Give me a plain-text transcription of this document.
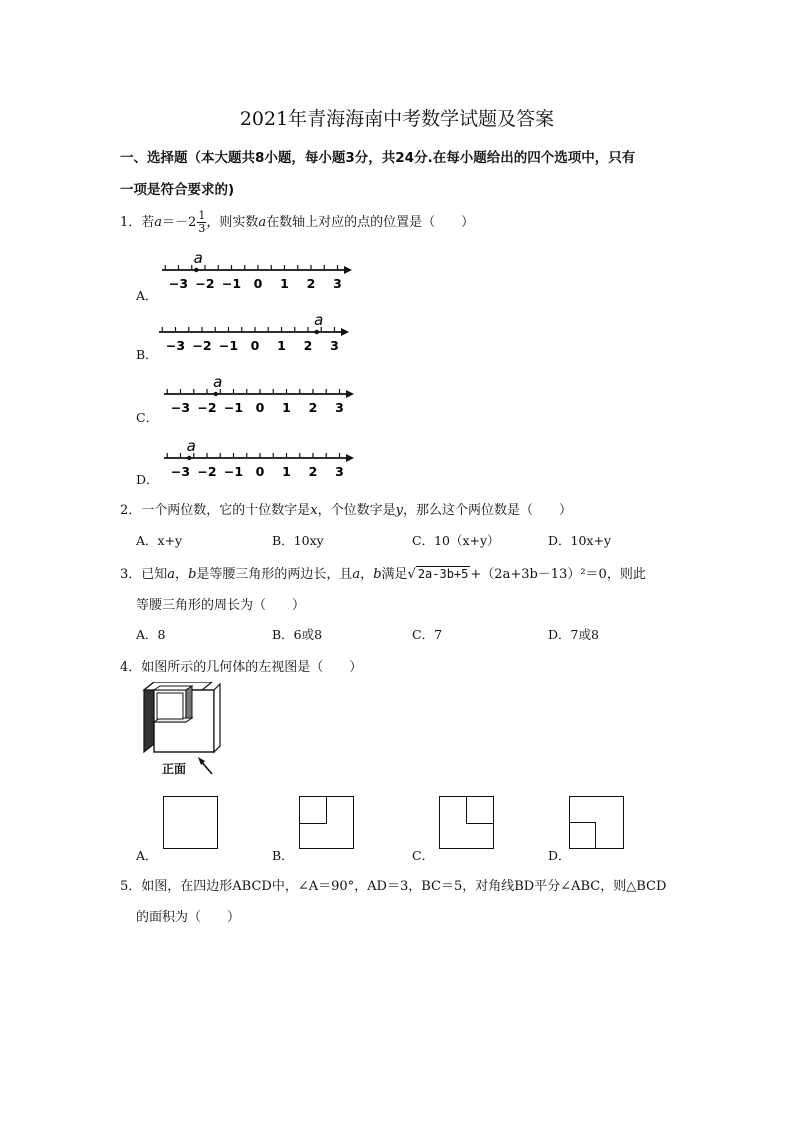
2021年青海海南中考数学试题及答案
一、选择题（本大题共8小题，每小题3分，共24分.在每小题给出的四个选项中，只有
一项是符合要求的)
1．若$a=-2 \frac{1}{3}$ ，则实数a在数轴上对应的点的位置是（　　）
A．
−3 −2 −1 0 1 2 3
a
B．
−3 −2 −1 0 1 2 3
a
C．
−3 −2 −1 0 1 2 3
a
D．
−3 −2 −1 0 1 2 3
a
2．一个两位数，它的十位数字是x，个位数字是y，那么这个两位数是（　　）
A．x+y	B．10xy	C．10（x+y）	D．10x+y
3．已知a，b是等腰三角形的两边长，且a，b满足√ 2a-3b+5 +（2a+3b－13）²＝0，则此
等腰三角形的周长为（　　）
A．8	B．6或8	C．7	D．7或8
4．如图所示的几何体的左视图是（　　）
正面
A．	B．	C．	D．
5．如图，在四边形ABCD中，∠A＝90°，AD＝3，BC＝5，对角线BD平分∠ABC，则△BCD
的面积为（　　）
